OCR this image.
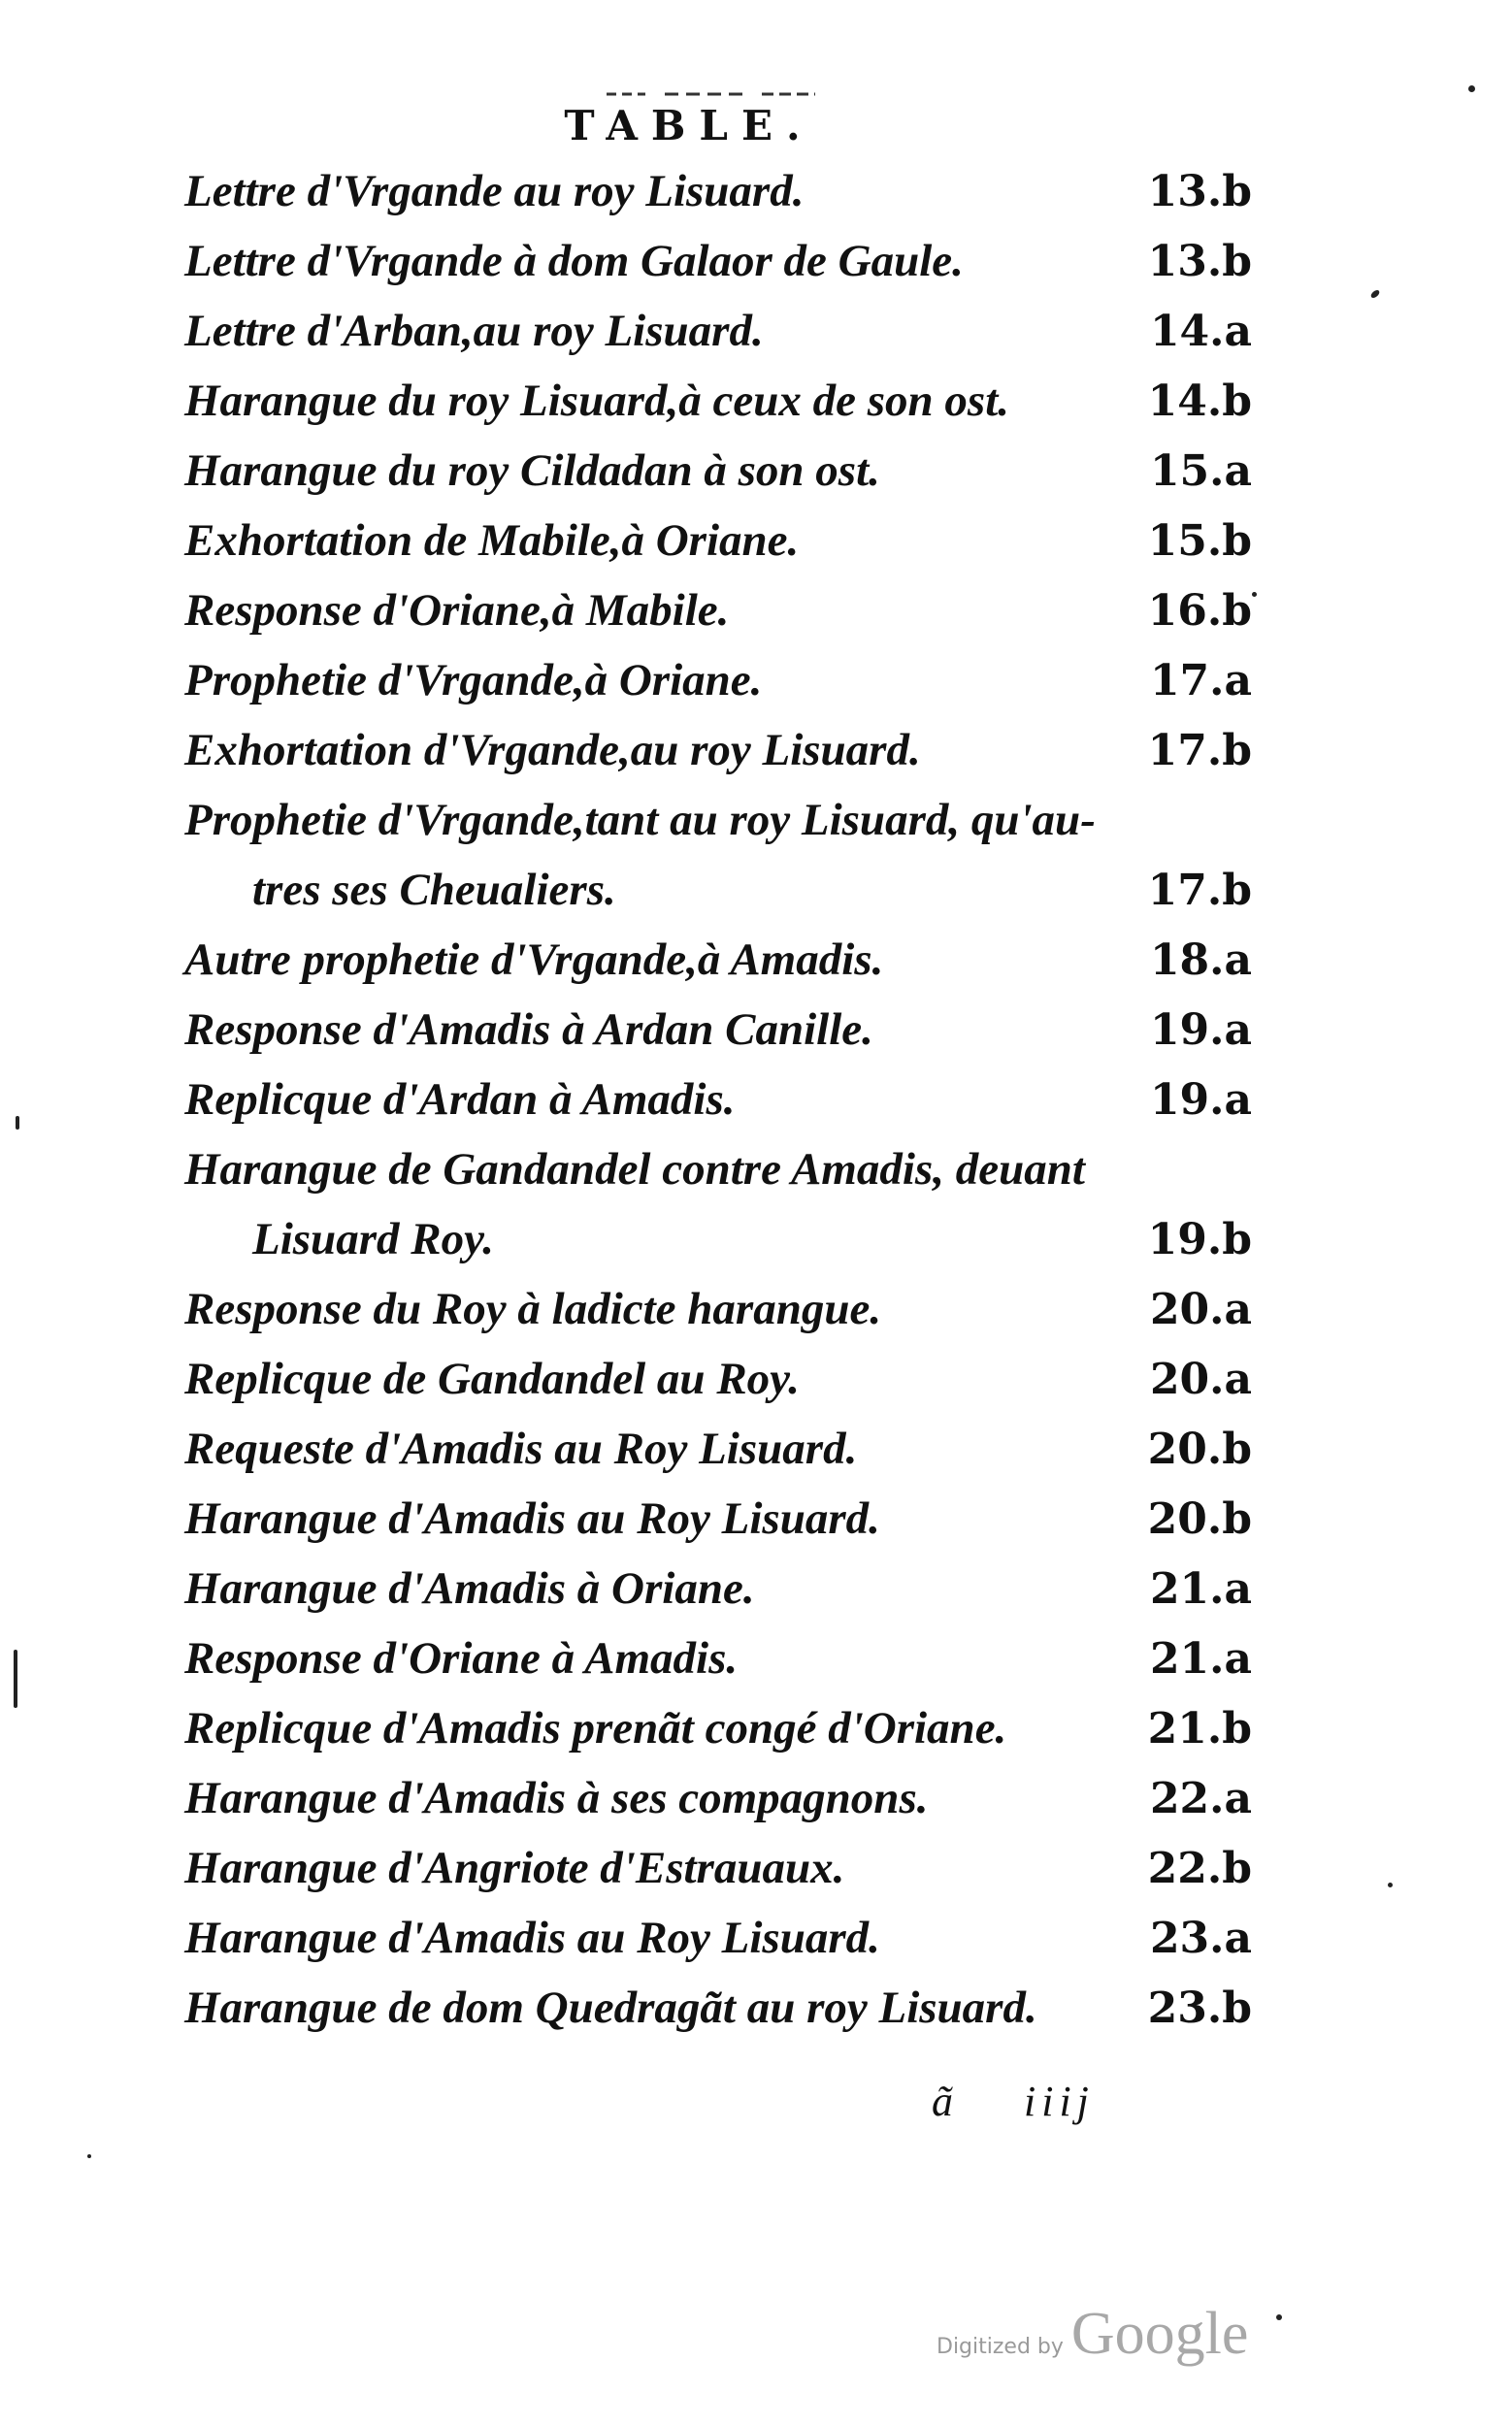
TABLE.
Lettre d'Vrgande au roy Lisuard.	13.b
Lettre d'Vrgande à dom Galaor de Gaule.	13.b
Lettre d'Arban,au roy Lisuard.	14.a
Harangue du roy Lisuard,à ceux de son ost.	14.b
Harangue du roy Cildadan à son ost.	15.a
Exhortation de Mabile,à Oriane.	15.b
Response d'Oriane,à Mabile.	16.b
Prophetie d'Vrgande,à Oriane.	17.a
Exhortation d'Vrgande,au roy Lisuard.	17.b
Prophetie d'Vrgande,tant au roy Lisuard, qu'au-
tres ses Cheualiers.	17.b
Autre prophetie d'Vrgande,à Amadis.	18.a
Response d'Amadis à Ardan Canille.	19.a
Replicque d'Ardan à Amadis.	19.a
Harangue de Gandandel contre Amadis, deuant
Lisuard Roy.	19.b
Response du Roy à ladicte harangue.	20.a
Replicque de Gandandel au Roy.	20.a
Requeste d'Amadis au Roy Lisuard.	20.b
Harangue d'Amadis au Roy Lisuard.	20.b
Harangue d'Amadis à Oriane.	21.a
Response d'Oriane à Amadis.	21.a
Replicque d'Amadis prenãt congé d'Oriane.	21.b
Harangue d'Amadis à ses compagnons.	22.a
Harangue d'Angriote d'Estrauaux.	22.b
Harangue d'Amadis au Roy Lisuard.	23.a
Harangue de dom Quedragãt au roy Lisuard.	23.b
ã iiij
Digitized by Google
